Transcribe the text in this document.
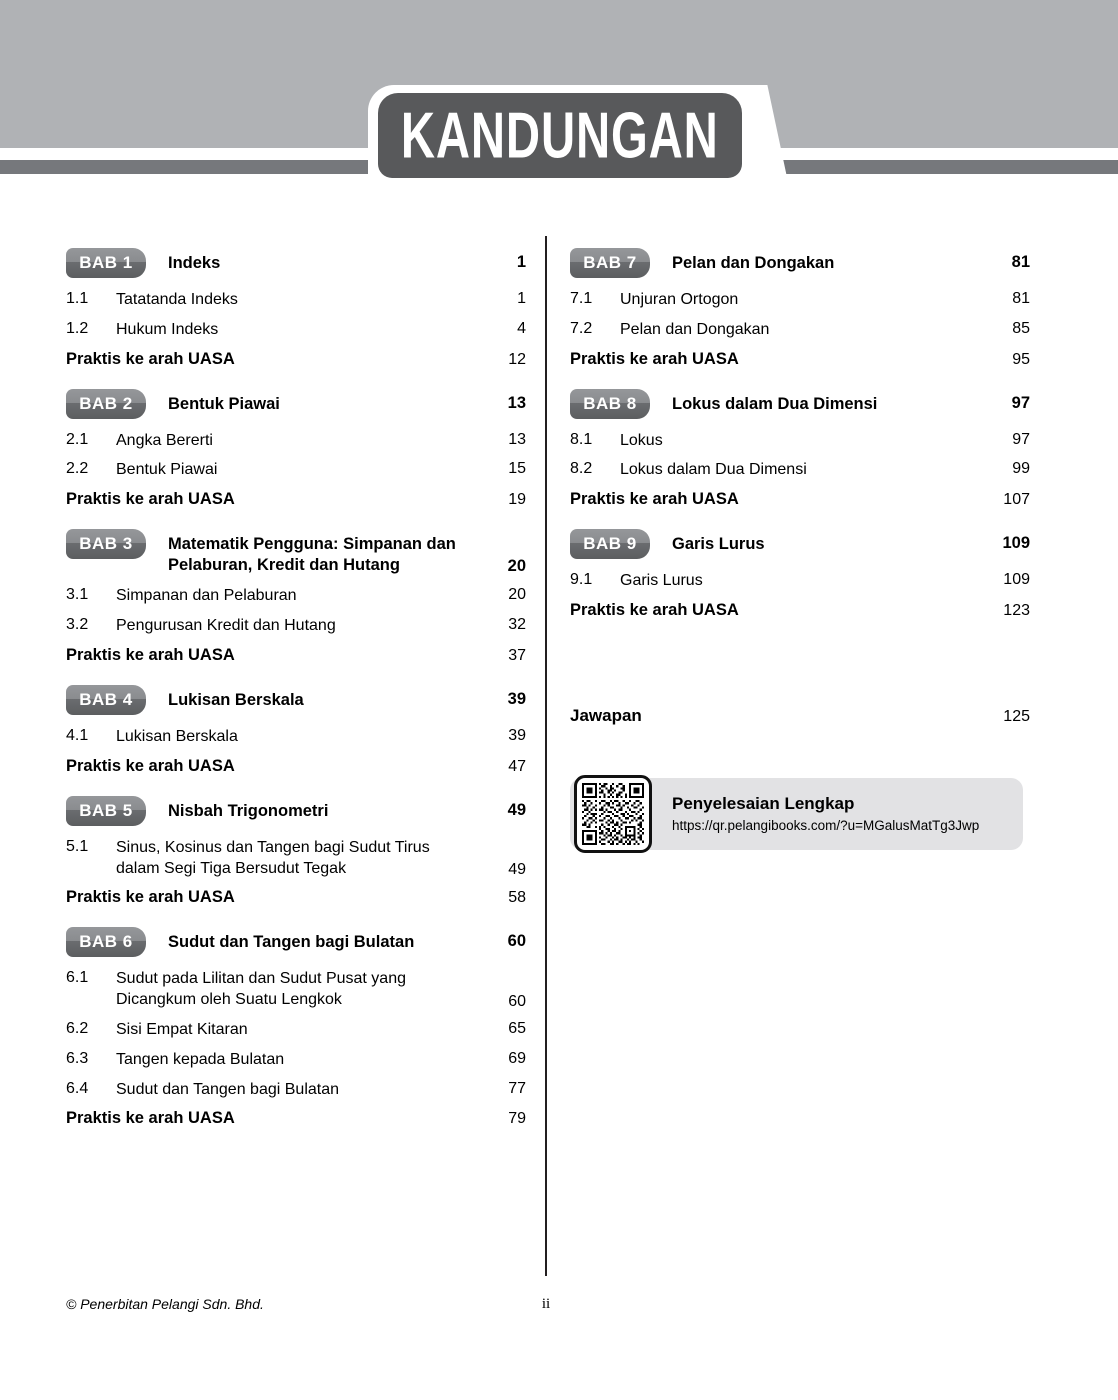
KANDUNGAN
BAB 1	Indeks	1
1.1	Tatatanda Indeks	1
1.2	Hukum Indeks	4
Praktis ke arah UASA	12
BAB 2	Bentuk Piawai	13
2.1	Angka Bererti	13
2.2	Bentuk Piawai	15
Praktis ke arah UASA	19
BAB 3	Matematik Pengguna: Simpanan dan Pelaburan, Kredit dan Hutang	20
3.1	Simpanan dan Pelaburan	20
3.2	Pengurusan Kredit dan Hutang	32
Praktis ke arah UASA	37
BAB 4	Lukisan Berskala	39
4.1	Lukisan Berskala	39
Praktis ke arah UASA	47
BAB 5	Nisbah Trigonometri	49
5.1	Sinus, Kosinus dan Tangen bagi Sudut Tirus dalam Segi Tiga Bersudut Tegak	49
Praktis ke arah UASA	58
BAB 6	Sudut dan Tangen bagi Bulatan	60
6.1	Sudut pada Lilitan dan Sudut Pusat yang Dicangkum oleh Suatu Lengkok	60
6.2	Sisi Empat Kitaran	65
6.3	Tangen kepada Bulatan	69
6.4	Sudut dan Tangen bagi Bulatan	77
Praktis ke arah UASA	79
BAB 7	Pelan dan Dongakan	81
7.1	Unjuran Ortogon	81
7.2	Pelan dan Dongakan	85
Praktis ke arah UASA	95
BAB 8	Lokus dalam Dua Dimensi	97
8.1	Lokus	97
8.2	Lokus dalam Dua Dimensi	99
Praktis ke arah UASA	107
BAB 9	Garis Lurus	109
9.1	Garis Lurus	109
Praktis ke arah UASA	123
Jawapan	125
Penyelesaian Lengkap
https://qr.pelangibooks.com/?u=MGalusMatTg3Jwp
© Penerbitan Pelangi Sdn. Bhd.	ii
